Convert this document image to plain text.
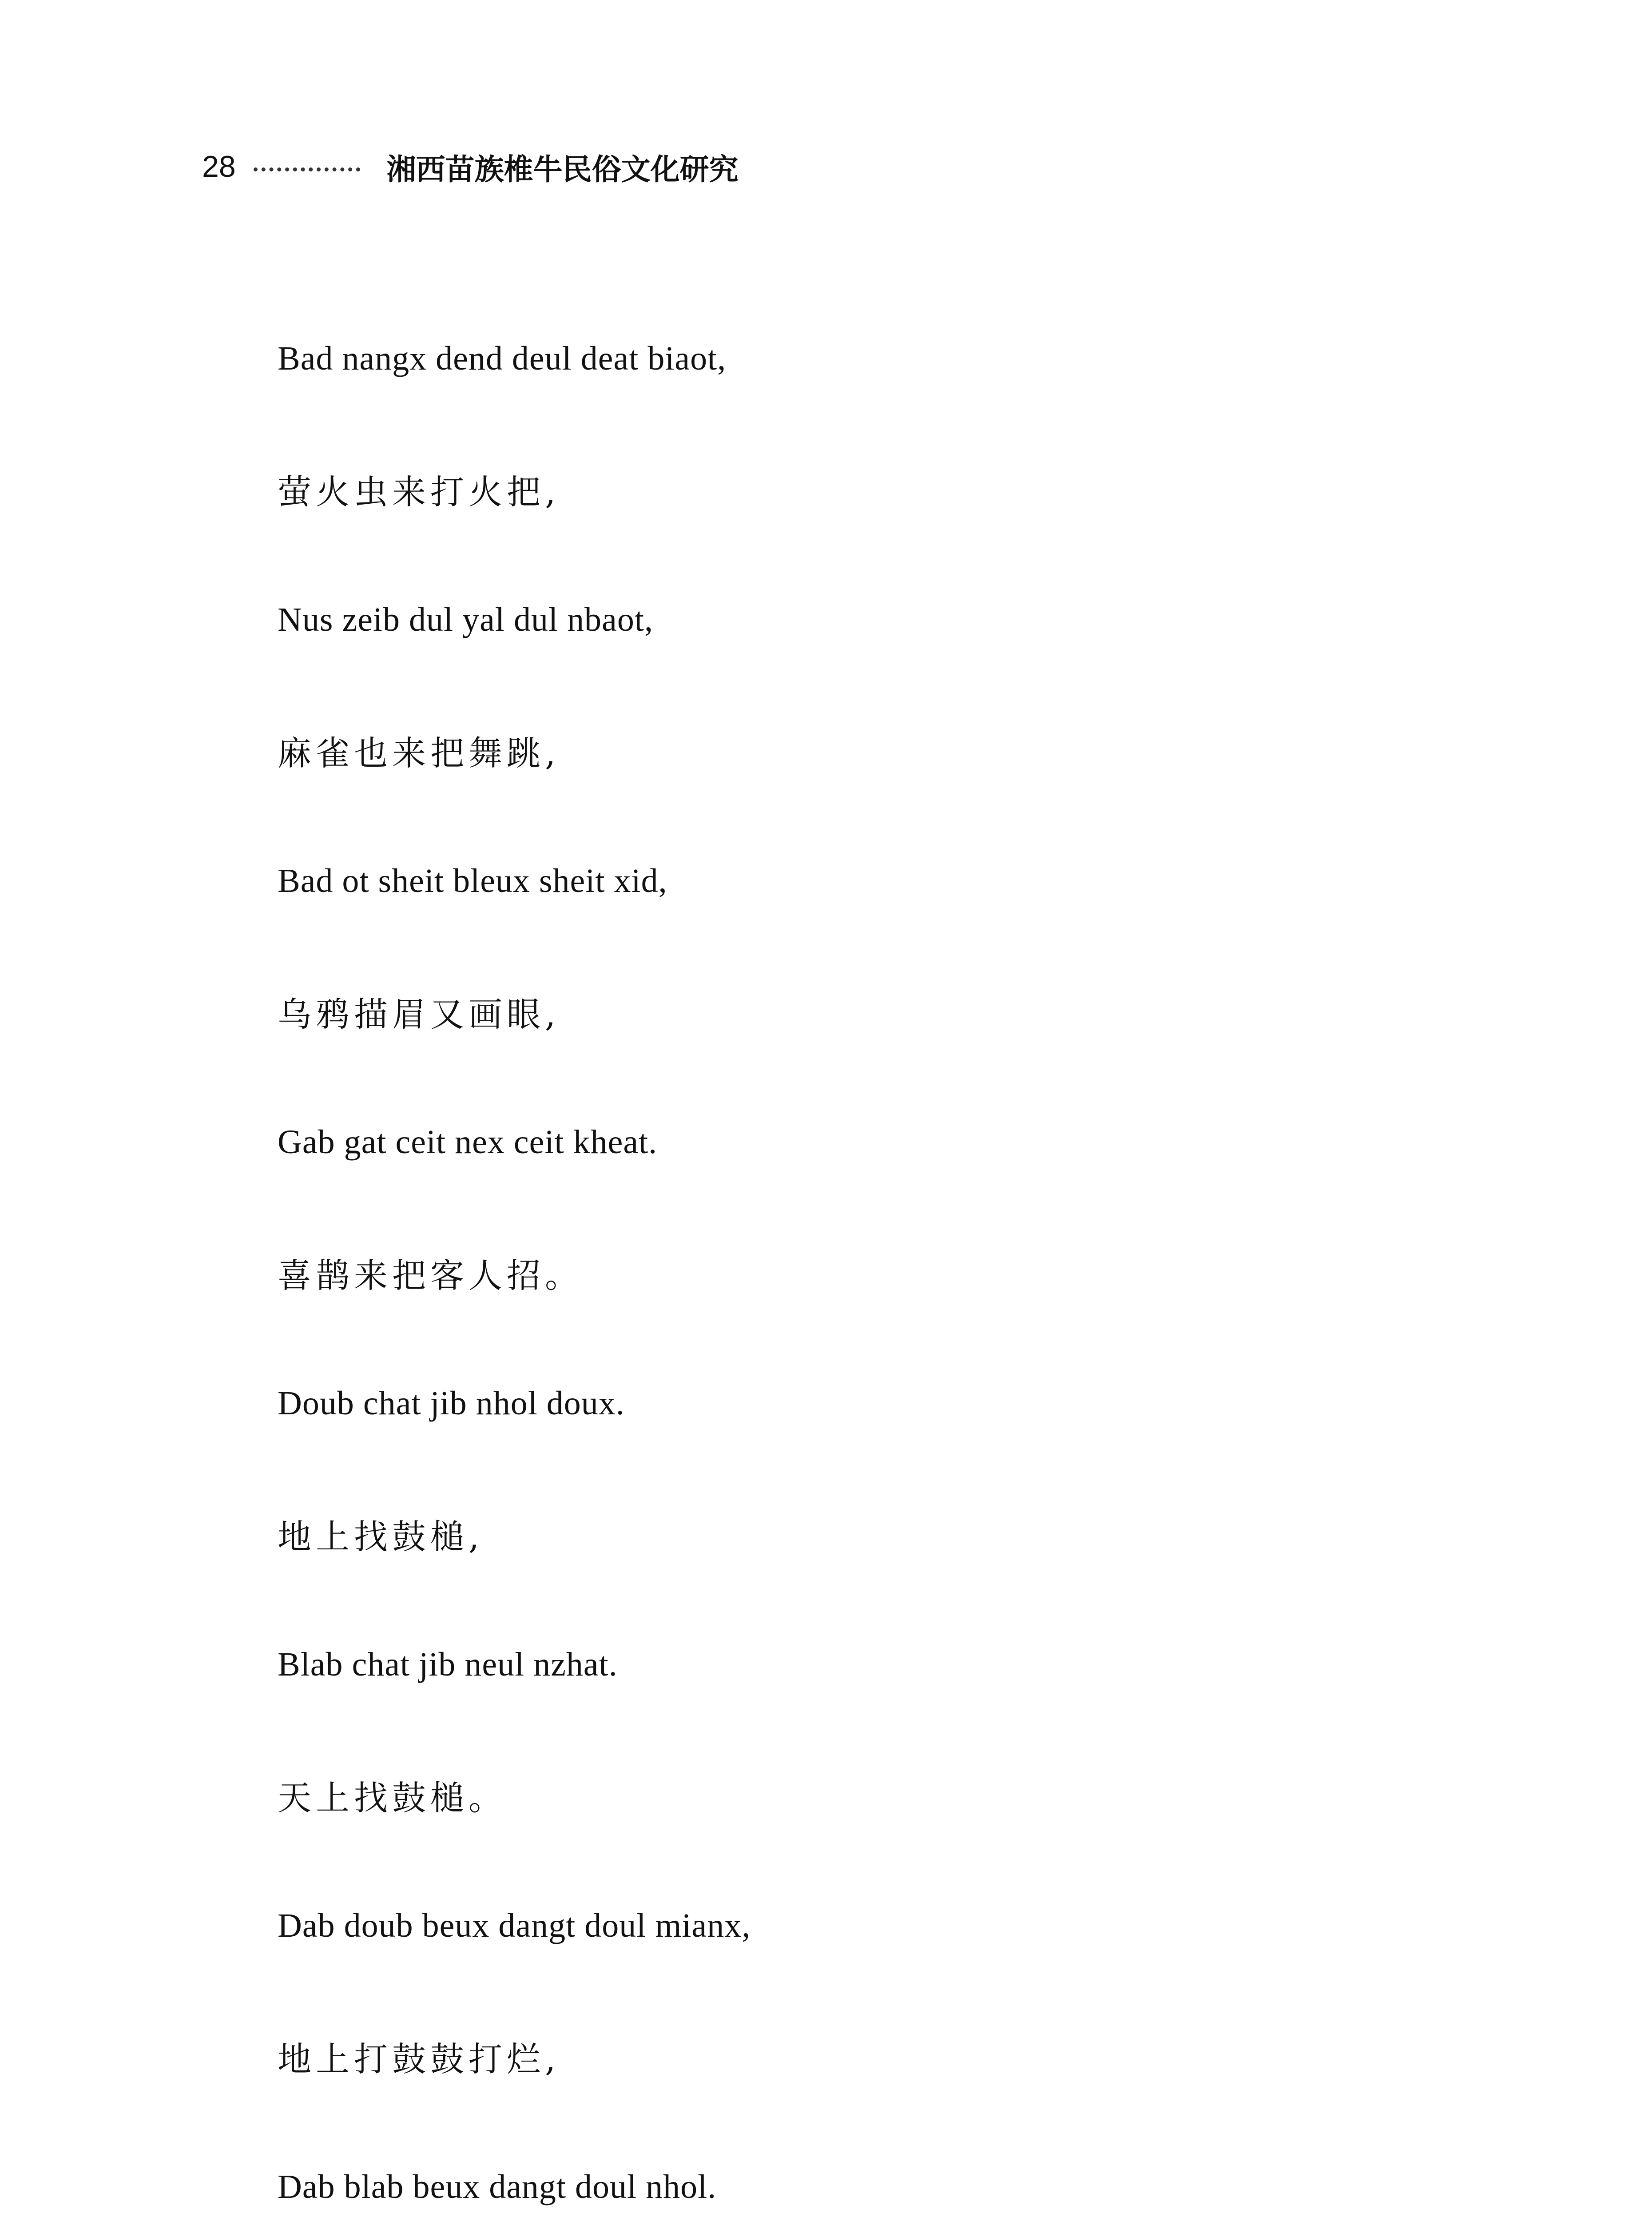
28	湘西苗族椎牛民俗文化研究
Bad nangx dend deul deat biaot,
萤火虫来打火把,
Nus zeib dul yal dul nbaot,
麻雀也来把舞跳,
Bad ot sheit bleux sheit xid,
乌鸦描眉又画眼,
Gab gat ceit nex ceit kheat.
喜鹊来把客人招。
Doub chat jib nhol doux.
地上找鼓槌,
Blab chat jib neul nzhat.
天上找鼓槌。
Dab doub beux dangt doul mianx,
地上打鼓鼓打烂,
Dab blab beux dangt doul nhol.
